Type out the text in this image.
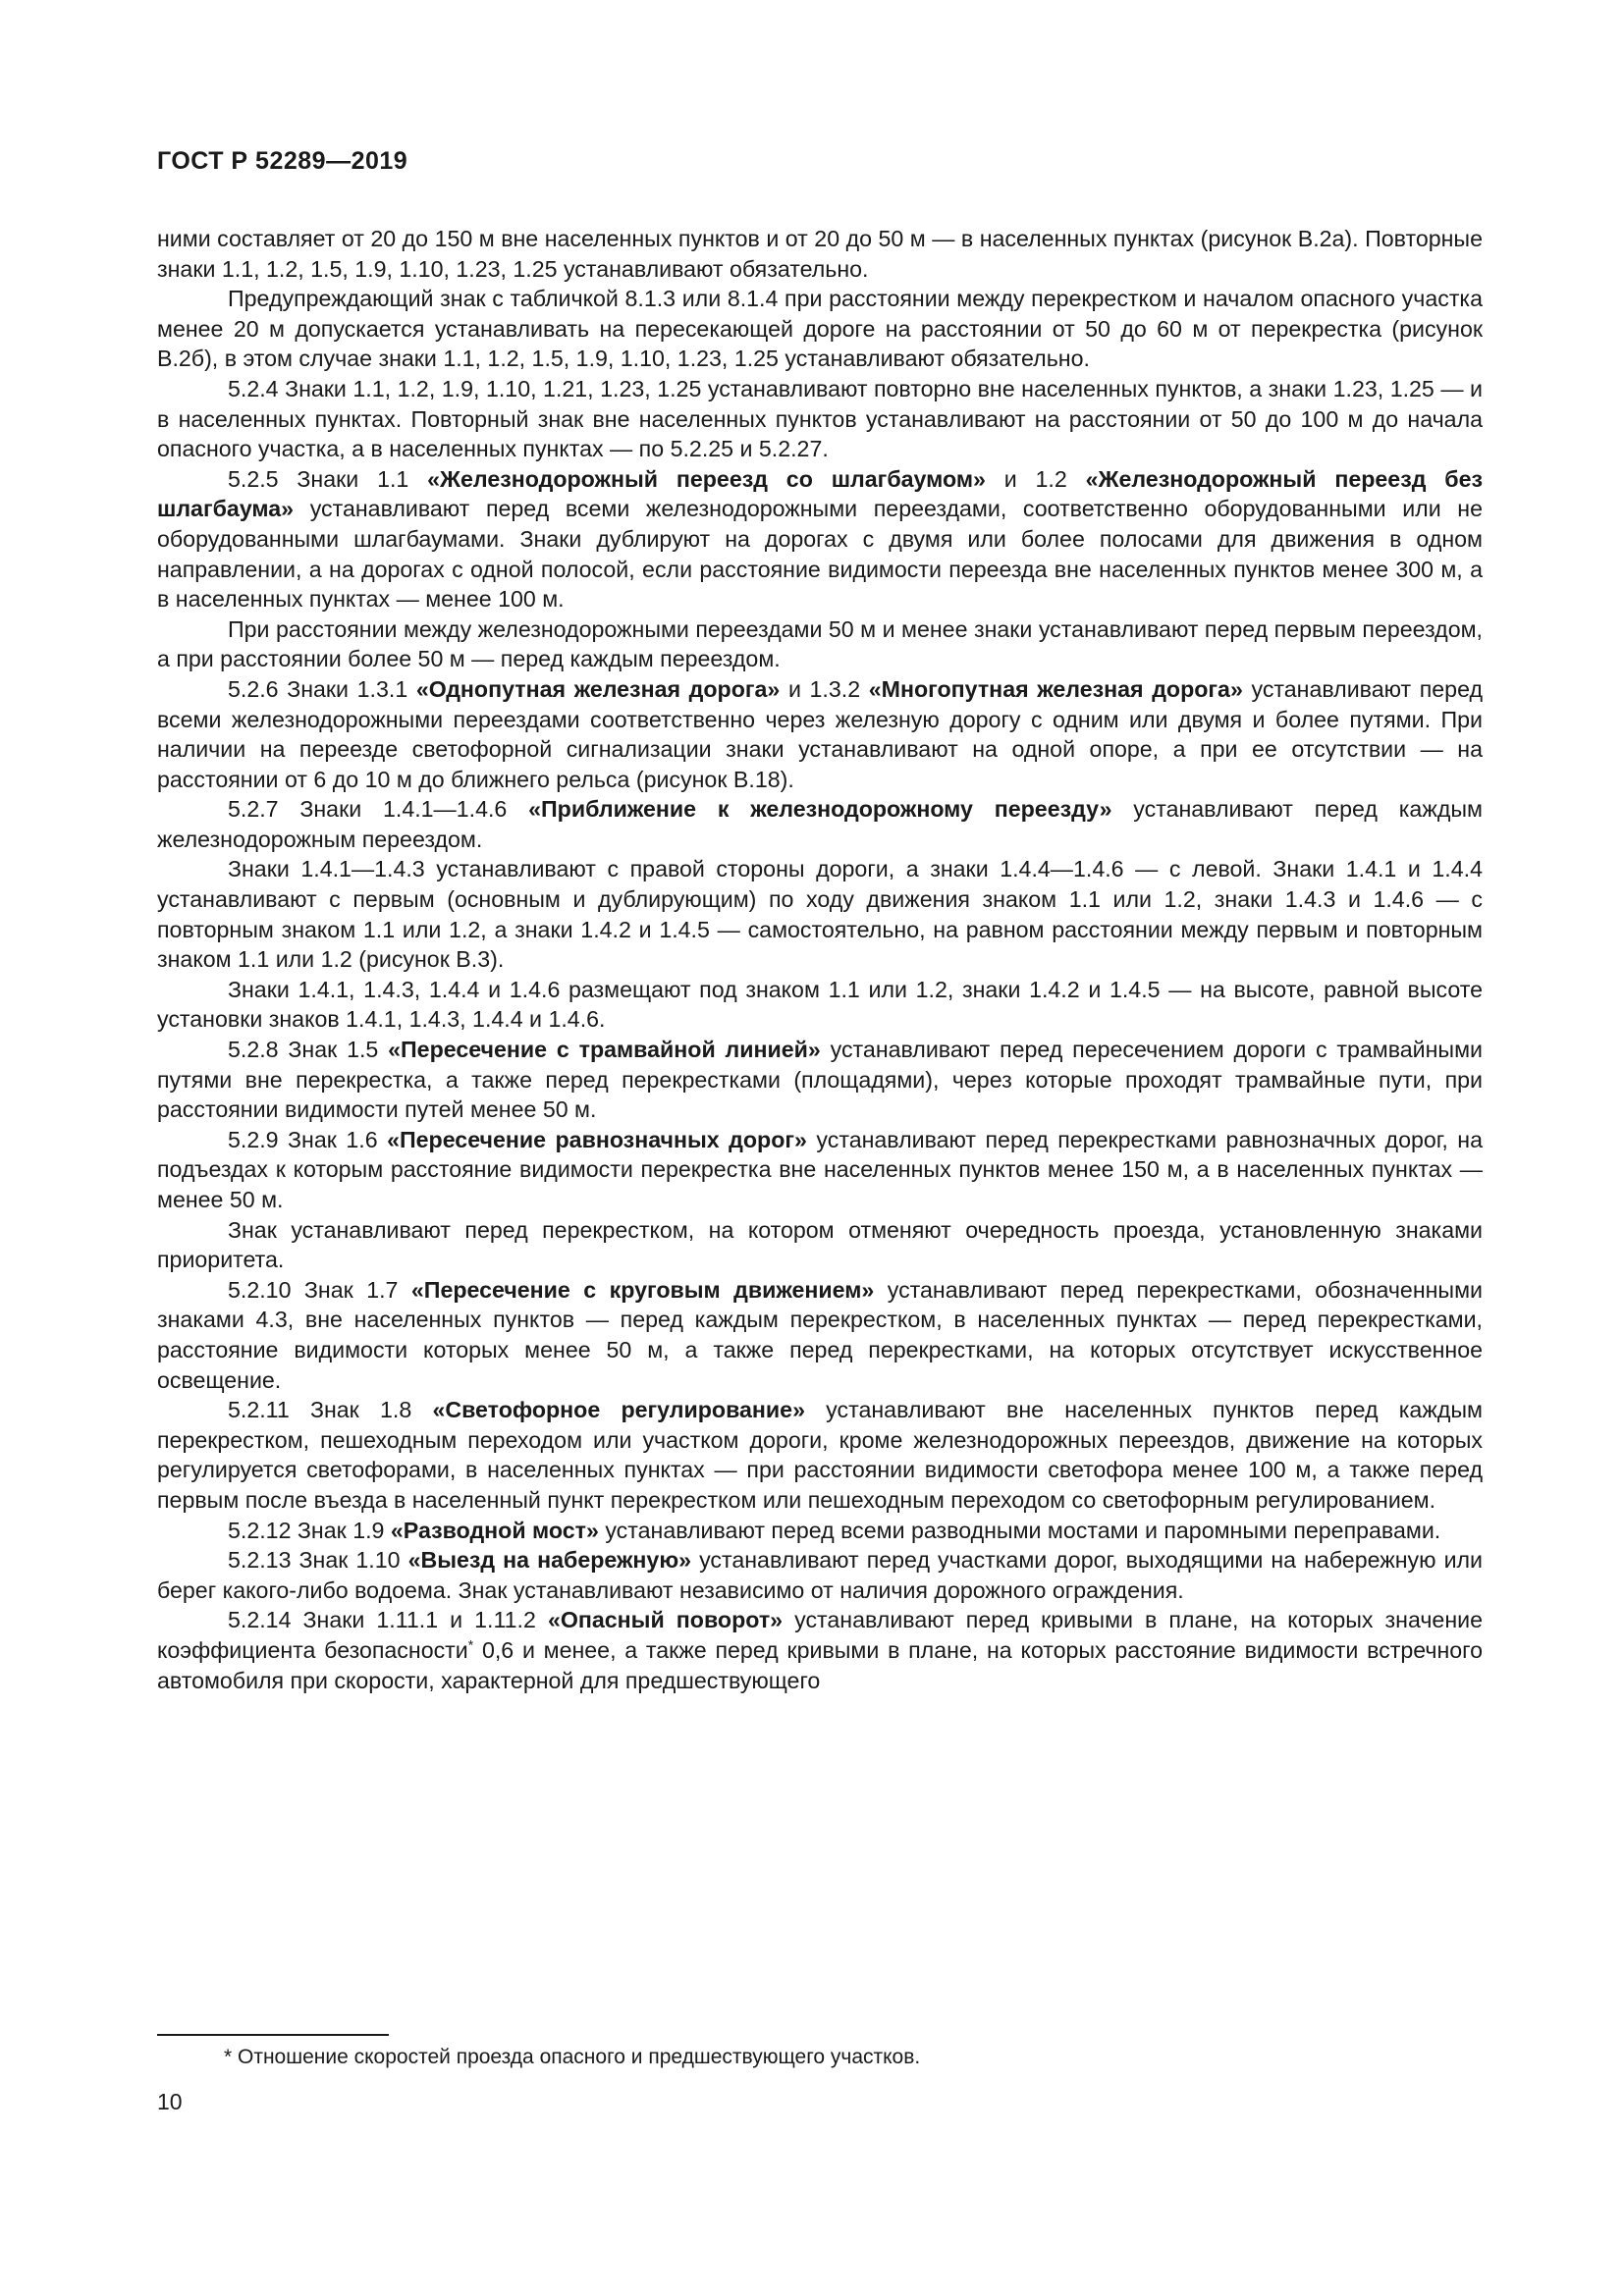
ГОСТ Р 52289—2019

ними составляет от 20 до 150 м вне населенных пунктов и от 20 до 50 м — в населенных пунктах (рисунок В.2а). Повторные знаки 1.1, 1.2, 1.5, 1.9, 1.10, 1.23, 1.25 устанавливают обязательно.

Предупреждающий знак с табличкой 8.1.3 или 8.1.4 при расстоянии между перекрестком и началом опасного участка менее 20 м допускается устанавливать на пересекающей дороге на расстоянии от 50 до 60 м от перекрестка (рисунок В.2б), в этом случае знаки 1.1, 1.2, 1.5, 1.9, 1.10, 1.23, 1.25 устанавливают обязательно.

5.2.4 Знаки 1.1, 1.2, 1.9, 1.10, 1.21, 1.23, 1.25 устанавливают повторно вне населенных пунктов, а знаки 1.23, 1.25 — и в населенных пунктах. Повторный знак вне населенных пунктов устанавливают на расстоянии от 50 до 100 м до начала опасного участка, а в населенных пунктах — по 5.2.25 и 5.2.27.

5.2.5 Знаки 1.1 «Железнодорожный переезд со шлагбаумом» и 1.2 «Железнодорожный переезд без шлагбаума» устанавливают перед всеми железнодорожными переездами, соответственно оборудованными или не оборудованными шлагбаумами. Знаки дублируют на дорогах с двумя или более полосами для движения в одном направлении, а на дорогах с одной полосой, если расстояние видимости переезда вне населенных пунктов менее 300 м, а в населенных пунктах — менее 100 м.

При расстоянии между железнодорожными переездами 50 м и менее знаки устанавливают перед первым переездом, а при расстоянии более 50 м — перед каждым переездом.

5.2.6 Знаки 1.3.1 «Однопутная железная дорога» и 1.3.2 «Многопутная железная дорога» устанавливают перед всеми железнодорожными переездами соответственно через железную дорогу с одним или двумя и более путями. При наличии на переезде светофорной сигнализации знаки устанавливают на одной опоре, а при ее отсутствии — на расстоянии от 6 до 10 м до ближнего рельса (рисунок В.18).

5.2.7 Знаки 1.4.1—1.4.6 «Приближение к железнодорожному переезду» устанавливают перед каждым железнодорожным переездом.

Знаки 1.4.1—1.4.3 устанавливают с правой стороны дороги, а знаки 1.4.4—1.4.6 — с левой. Знаки 1.4.1 и 1.4.4 устанавливают с первым (основным и дублирующим) по ходу движения знаком 1.1 или 1.2, знаки 1.4.3 и 1.4.6 — с повторным знаком 1.1 или 1.2, а знаки 1.4.2 и 1.4.5 — самостоятельно, на равном расстоянии между первым и повторным знаком 1.1 или 1.2 (рисунок В.3).

Знаки 1.4.1, 1.4.3, 1.4.4 и 1.4.6 размещают под знаком 1.1 или 1.2, знаки 1.4.2 и 1.4.5 — на высоте, равной высоте установки знаков 1.4.1, 1.4.3, 1.4.4 и 1.4.6.

5.2.8 Знак 1.5 «Пересечение с трамвайной линией» устанавливают перед пересечением дороги с трамвайными путями вне перекрестка, а также перед перекрестками (площадями), через которые проходят трамвайные пути, при расстоянии видимости путей менее 50 м.

5.2.9 Знак 1.6 «Пересечение равнозначных дорог» устанавливают перед перекрестками равнозначных дорог, на подъездах к которым расстояние видимости перекрестка вне населенных пунктов менее 150 м, а в населенных пунктах — менее 50 м.

Знак устанавливают перед перекрестком, на котором отменяют очередность проезда, установленную знаками приоритета.

5.2.10 Знак 1.7 «Пересечение с круговым движением» устанавливают перед перекрестками, обозначенными знаками 4.3, вне населенных пунктов — перед каждым перекрестком, в населенных пунктах — перед перекрестками, расстояние видимости которых менее 50 м, а также перед перекрестками, на которых отсутствует искусственное освещение.

5.2.11 Знак 1.8 «Светофорное регулирование» устанавливают вне населенных пунктов перед каждым перекрестком, пешеходным переходом или участком дороги, кроме железнодорожных переездов, движение на которых регулируется светофорами, в населенных пунктах — при расстоянии видимости светофора менее 100 м, а также перед первым после въезда в населенный пункт перекрестком или пешеходным переходом со светофорным регулированием.

5.2.12 Знак 1.9 «Разводной мост» устанавливают перед всеми разводными мостами и паромными переправами.

5.2.13 Знак 1.10 «Выезд на набережную» устанавливают перед участками дорог, выходящими на набережную или берег какого-либо водоема. Знак устанавливают независимо от наличия дорожного ограждения.

5.2.14 Знаки 1.11.1 и 1.11.2 «Опасный поворот» устанавливают перед кривыми в плане, на которых значение коэффициента безопасности* 0,6 и менее, а также перед кривыми в плане, на которых расстояние видимости встречного автомобиля при скорости, характерной для предшествующего

* Отношение скоростей проезда опасного и предшествующего участков.
10
